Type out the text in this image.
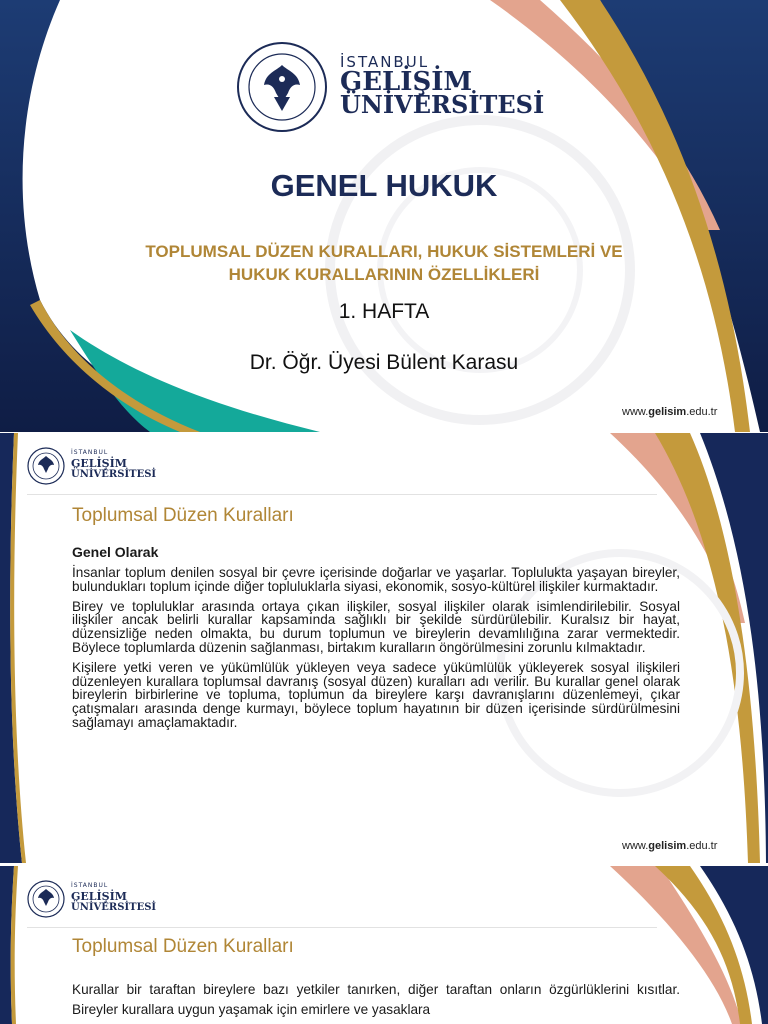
İSTANBUL
GELİŞİM
ÜNİVERSİTESİ
GENEL HUKUK
TOPLUMSAL DÜZEN KURALLARI, HUKUK SİSTEMLERİ VE
HUKUK KURALLARININ ÖZELLİKLERİ
1. HAFTA
Dr. Öğr. Üyesi Bülent Karasu
www.gelisim.edu.tr
İSTANBUL
GELİŞİM
ÜNİVERSİTESİ
Toplumsal Düzen Kuralları
Genel Olarak

İnsanlar toplum denilen sosyal bir çevre içerisinde doğarlar ve yaşarlar. Toplulukta yaşayan bireyler, bulundukları toplum içinde diğer topluluklarla siyasi, ekonomik, sosyo-kültürel ilişkiler kurmaktadır.

Birey ve topluluklar arasında ortaya çıkan ilişkiler, sosyal ilişkiler olarak isimlendirilebilir. Sosyal ilişkiler ancak belirli kurallar kapsamında sağlıklı bir şekilde sürdürülebilir. Kuralsız bir hayat, düzensizliğe neden olmakta, bu durum toplumun ve bireylerin devamlılığına zarar vermektedir. Böylece toplumlarda düzenin sağlanması, birtakım kuralların öngörülmesini zorunlu kılmaktadır.

Kişilere yetki veren ve yükümlülük yükleyen veya sadece yükümlülük yükleyerek sosyal ilişkileri düzenleyen kurallara toplumsal davranış (sosyal düzen) kuralları adı verilir. Bu kurallar genel olarak bireylerin birbirlerine ve topluma, toplumun da bireylere karşı davranışlarını düzenlemeyi, çıkar çatışmaları arasında denge kurmayı, böylece toplum hayatının bir düzen içerisinde sürdürülmesini sağlamayı amaçlamaktadır.

2	www.gelisim.edu.tr
İSTANBUL
GELİŞİM
ÜNİVERSİTESİ
Toplumsal Düzen Kuralları

Kurallar bir taraftan bireylere bazı yetkiler tanırken, diğer taraftan onların özgürlüklerini kısıtlar. Bireyler kurallara uygun yaşamak için emirlere ve yasaklara
